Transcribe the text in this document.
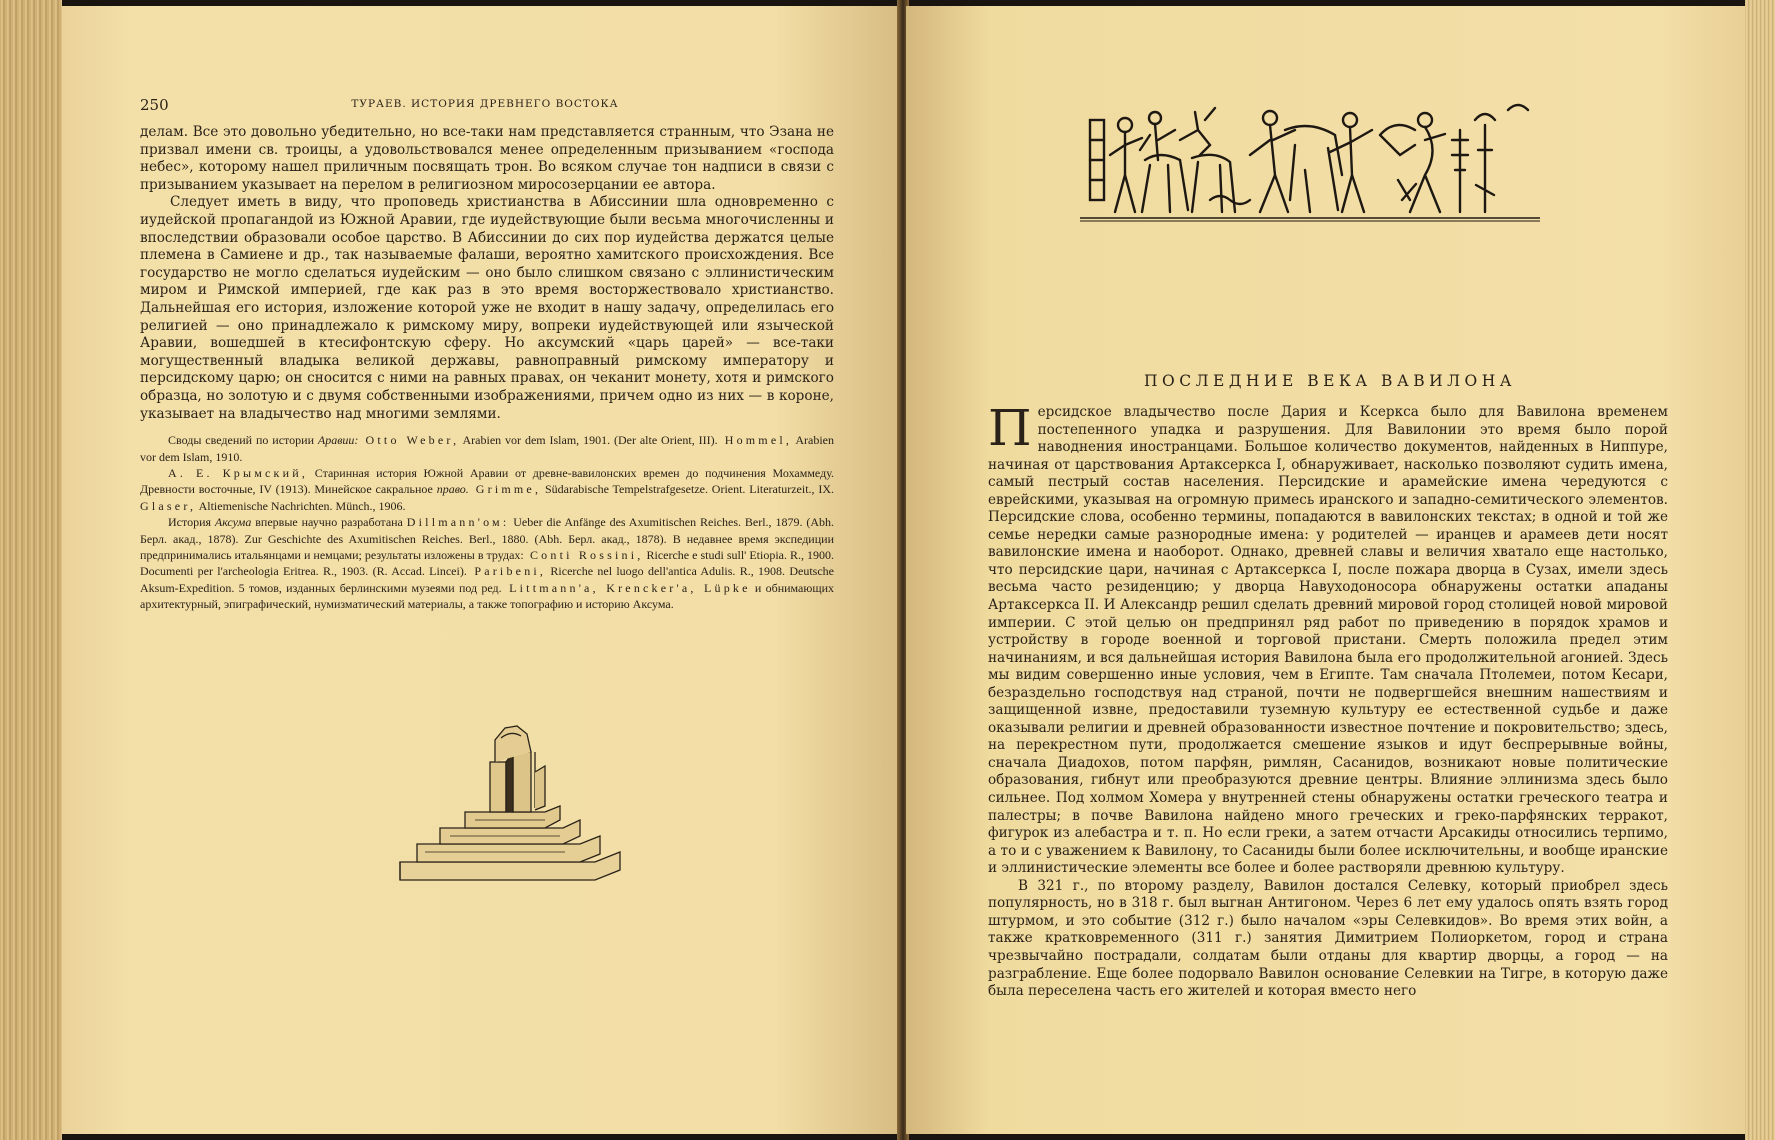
250	ТУРАЕВ. ИСТОРИЯ ДРЕВНЕГО ВОСТОКА

делам. Все это довольно убедительно, но все-таки нам представляется странным, что Эзана не призвал имени св. троицы, а удовольствовался менее определенным призыванием «господа небес», которому нашел приличным посвящать трон. Во всяком случае тон надписи в связи с призыванием указывает на перелом в религиозном миросозерцании ее автора.

Следует иметь в виду, что проповедь христианства в Абиссинии шла одновременно с иудейской пропагандой из Южной Аравии, где иудействующие были весьма многочисленны и впоследствии образовали особое царство. В Абиссинии до сих пор иудейства держатся целые племена в Самиене и др., так называемые фалаши, вероятно хамитского происхождения. Все государство не могло сделаться иудейским — оно было слишком связано с эллинистическим миром и Римской империей, где как раз в это время восторжествовало христианство. Дальнейшая его история, изложение которой уже не входит в нашу задачу, определилась его религией — оно принадлежало к римскому миру, вопреки иудействующей или языческой Аравии, вошедшей в ктесифонтскую сферу. Но аксумский «царь царей» — все-таки могущественный владыка великой державы, равноправный римскому императору и персидскому царю; он сносится с ними на равных правах, он чеканит монету, хотя и римского образца, но золотую и с двумя собственными изображениями, причем одно из них — в короне, указывает на владычество над многими землями.

Своды сведений по истории Аравии: Otto Weber, Arabien vor dem Islam, 1901. (Der alte Orient, III). Hommel, Arabien vor dem Islam, 1910.

А. Е. Крымский, Старинная история Южной Аравии от древне-вавилонских времен до подчинения Мохаммеду. Древности восточные, IV (1913). Минейское сакральное право. Grimme, Südarabische Tempelstrafgesetze. Orient. Literaturzeit., IX. Glaser, Altiemenische Nachrichten. Münch., 1906.

История Аксума впервые научно разработана Dillmann'ом: Ueber die Anfänge des Axumitischen Reiches. Berl., 1879. (Abh. Берл. акад., 1878). Zur Geschichte des Axumitischen Reiches. Berl., 1880. (Abh. Берл. акад., 1878). В недавнее время экспедиции предпринимались итальянцами и немцами; результаты изложены в трудах: Conti Rossini, Ricerche e studi sull' Etiopia. R., 1900. Documenti per l'archeologia Eritrea. R., 1903. (R. Accad. Lincei). Paribeni, Ricerche nel luogo dell'antica Adulis. R., 1908. Deutsche Aksum-Expedition. 5 томов, изданных берлинскими музеями под ред. Littmann'а, Krencker'а, Lüpke и обнимающих архитектурный, эпиграфический, нумизматический материалы, а также топографию и историю Аксума.

ПОСЛЕДНИЕ ВЕКА ВАВИЛОНА

Персидское владычество после Дария и Ксеркса было для Вавилона временем постепенного упадка и разрушения. Для Вавилонии это время было порой наводнения иностранцами. Большое количество документов, найденных в Ниппуре, начиная от царствования Артаксеркса I, обнаруживает, насколько позволяют судить имена, самый пестрый состав населения. Персидские и арамейские имена чередуются с еврейскими, указывая на огромную примесь иранского и западно-семитического элементов. Персидские слова, особенно термины, попадаются в вавилонских текстах; в одной и той же семье нередки самые разнородные имена: у родителей — иранцев и арамеев дети носят вавилонские имена и наоборот. Однако, древней славы и величия хватало еще настолько, что персидские цари, начиная с Артаксеркса I, после пожара дворца в Сузах, имели здесь весьма часто резиденцию; у дворца Навуходоносора обнаружены остатки ападаны Артаксеркса II. И Александр решил сделать древний мировой город столицей новой мировой империи. С этой целью он предпринял ряд работ по приведению в порядок храмов и устройству в городе военной и торговой пристани. Смерть положила предел этим начинаниям, и вся дальнейшая история Вавилона была его продолжительной агонией. Здесь мы видим совершенно иные условия, чем в Египте. Там сначала Птолемеи, потом Кесари, безраздельно господствуя над страной, почти не подвергшейся внешним нашествиям и защищенной извне, предоставили туземную культуру ее естественной судьбе и даже оказывали религии и древней образованности известное почтение и покровительство; здесь, на перекрестном пути, продолжается смешение языков и идут беспрерывные войны, сначала Диадохов, потом парфян, римлян, Сасанидов, возникают новые политические образования, гибнут или преобразуются древние центры. Влияние эллинизма здесь было сильнее. Под холмом Хомера у внутренней стены обнаружены остатки греческого театра и палестры; в почве Вавилона найдено много греческих и греко-парфянских терракот, фигурок из алебастра и т. п. Но если греки, а затем отчасти Арсакиды относились терпимо, а то и с уважением к Вавилону, то Сасаниды были более исключительны, и вообще иранские и эллинистические элементы все более и более растворяли древнюю культуру.

В 321 г., по второму разделу, Вавилон достался Селевку, который приобрел здесь популярность, но в 318 г. был выгнан Антигоном. Через 6 лет ему удалось опять взять город штурмом, и это событие (312 г.) было началом «эры Селевкидов». Во время этих войн, а также кратковременного (311 г.) занятия Димитрием Полиоркетом, город и страна чрезвычайно пострадали, солдатам были отданы для квартир дворцы, а город — на разграбление. Еще более подорвало Вавилон основание Селевкии на Тигре, в которую даже была переселена часть его жителей и которая вместо него
